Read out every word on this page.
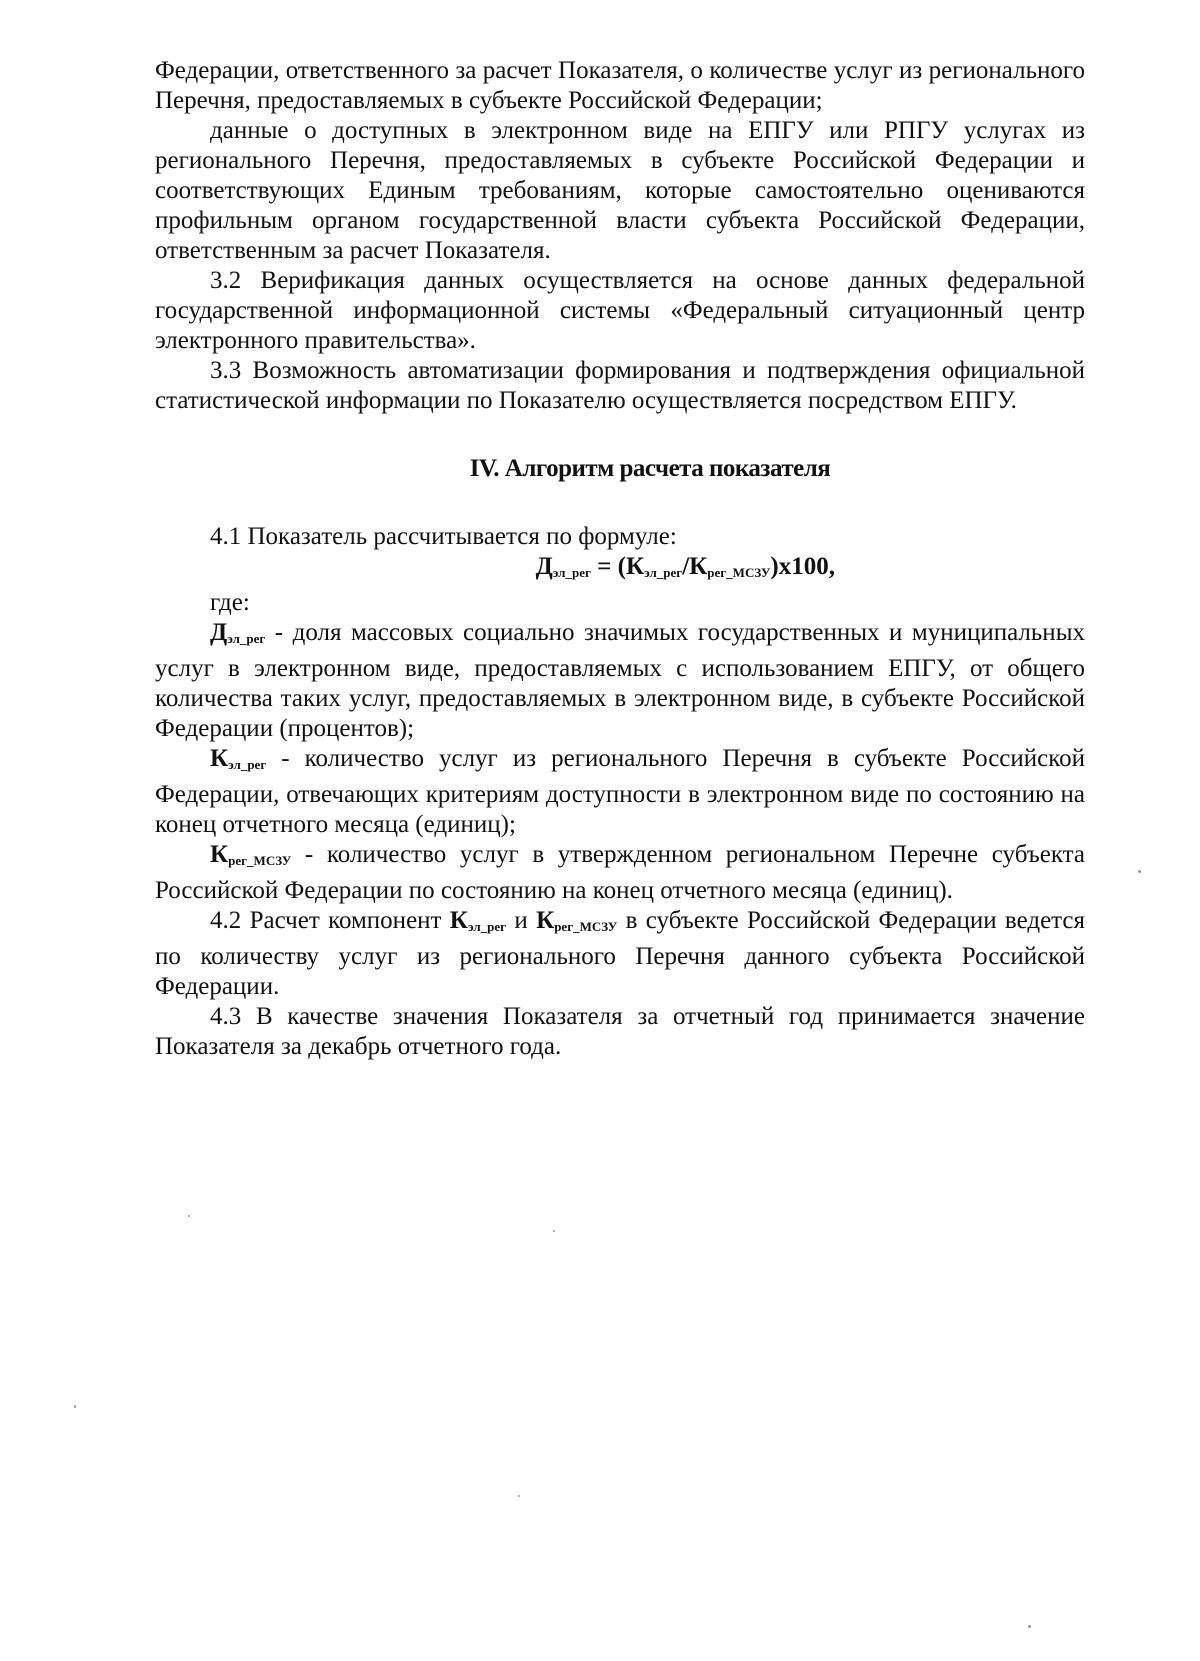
Федерации, ответственного за расчет Показателя, о количестве услуг из регионального Перечня, предоставляемых в субъекте Российской Федерации;

данные о доступных в электронном виде на ЕПГУ или РПГУ услугах из регионального Перечня, предоставляемых в субъекте Российской Федерации и соответствующих Единым требованиям, которые самостоятельно оцениваются профильным органом государственной власти субъекта Российской Федерации, ответственным за расчет Показателя.

3.2 Верификация данных осуществляется на основе данных федеральной государственной информационной системы «Федеральный ситуационный центр электронного правительства».

3.3 Возможность автоматизации формирования и подтверждения официальной статистической информации по Показателю осуществляется посредством ЕПГУ.

IV. Алгоритм расчета показателя

4.1 Показатель рассчитывается по формуле:

$Д_{эл\_рег} = (К_{эл\_рег}/К_{рег\_МСЗУ})x100$,

где:

$Д_{эл\_рег}$ - доля массовых социально значимых государственных и муниципальных услуг в электронном виде, предоставляемых с использованием ЕПГУ, от общего количества таких услуг, предоставляемых в электронном виде, в субъекте Российской Федерации (процентов);

$К_{эл\_рег}$ - количество услуг из регионального Перечня в субъекте Российской Федерации, отвечающих критериям доступности в электронном виде по состоянию на конец отчетного месяца (единиц);

$К_{рег\_МСЗУ}$ - количество услуг в утвержденном региональном Перечне субъекта Российской Федерации по состоянию на конец отчетного месяца (единиц).

4.2 Расчет компонент $К_{эл\_рег}$ и $К_{рег\_МСЗУ}$ в субъекте Российской Федерации ведется по количеству услуг из регионального Перечня данного субъекта Российской Федерации.

4.3 В качестве значения Показателя за отчетный год принимается значение Показателя за декабрь отчетного года.
